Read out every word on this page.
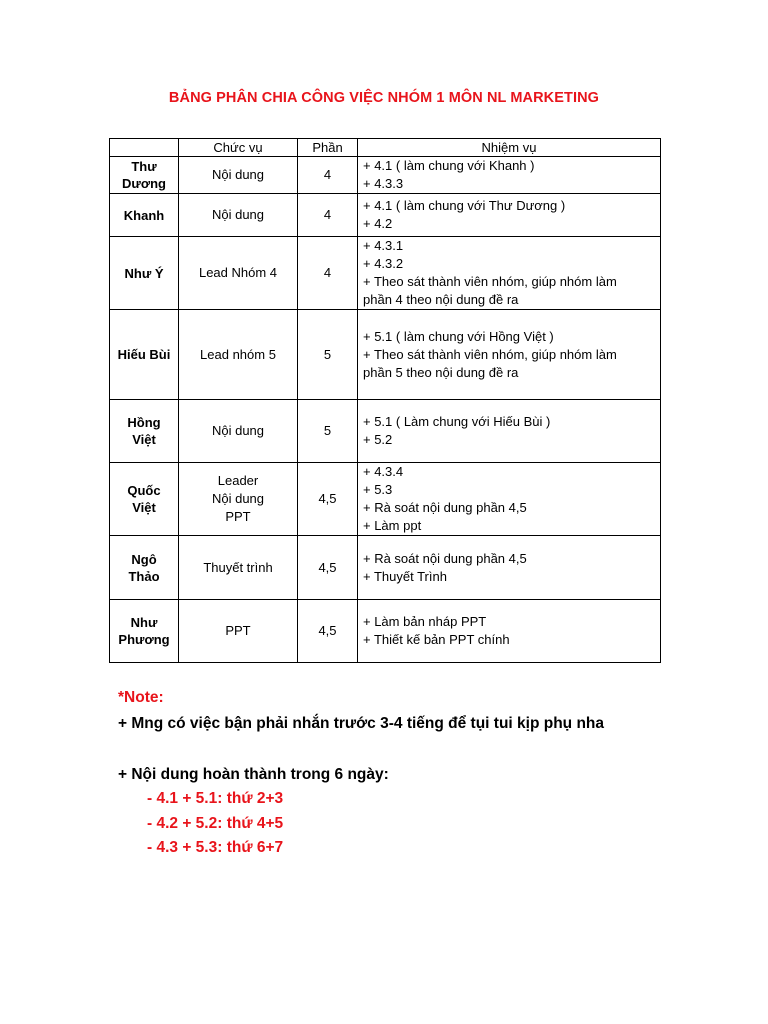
BẢNG PHÂN CHIA CÔNG VIỆC NHÓM 1 MÔN NL MARKETING
	Chức vụ	Phần	Nhiệm vụ

Thư
Dương	Nội dung	4	+ 4.1 ( làm chung với Khanh )
+ 4.3.3

Khanh	Nội dung	4	+ 4.1 ( làm chung với Thư Dương )
+ 4.2

Như Ý	Lead Nhóm 4	4	+ 4.3.1
+ 4.3.2
+ Theo sát thành viên nhóm, giúp nhóm làm
phần 4 theo nội dung đề ra

Hiếu Bùi	Lead nhóm 5	5	+ 5.1 ( làm chung với Hồng Việt )
+ Theo sát thành viên nhóm, giúp nhóm làm
phần 5 theo nội dung đề ra

Hồng
Việt	Nội dung	5	+ 5.1 ( Làm chung với Hiếu Bùi )
+ 5.2

Quốc
Việt	Leader
Nội dung
PPT	4,5	+ 4.3.4
+ 5.3
+ Rà soát nội dung phần 4,5
+ Làm ppt

Ngô
Thảo	Thuyết trình	4,5	+ Rà soát nội dung phần 4,5
+ Thuyết Trình

Như
Phương	PPT	4,5	+ Làm bản nháp PPT
+ Thiết kế bản PPT chính
*Note:
+ Mng có việc bận phải nhắn trước 3-4 tiếng để tụi tui kịp phụ nha
+ Nội dung hoàn thành trong 6 ngày:
- 4.1 + 5.1: thứ 2+3
- 4.2 + 5.2: thứ 4+5
- 4.3 + 5.3: thứ 6+7
